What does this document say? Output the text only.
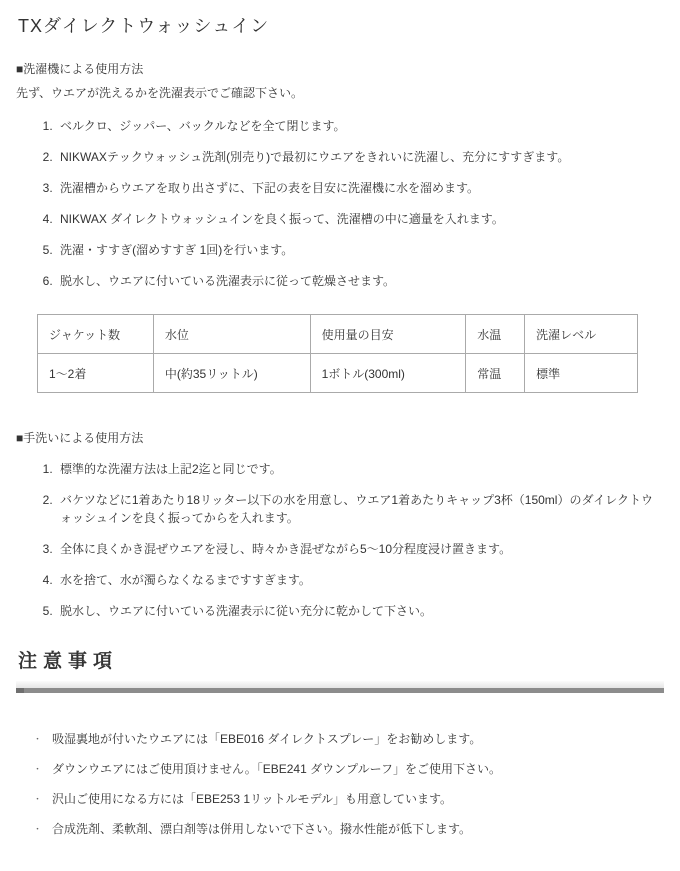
TXダイレクトウォッシュイン
■洗濯機による使用方法

先ず、ウエアが洗えるかを洗濯表示でご確認下さい。

1. ベルクロ、ジッパー、バックルなどを全て閉じます。
2. NIKWAXテックウォッシュ洗剤(別売り)で最初にウエアをきれいに洗濯し、充分にすすぎます。
3. 洗濯槽からウエアを取り出さずに、下記の表を目安に洗濯機に水を溜めます。
4. NIKWAX ダイレクトウォッシュインを良く振って、洗濯槽の中に適量を入れます。
5. 洗濯・すすぎ(溜めすすぎ 1回)を行います。
6. 脱水し、ウエアに付いている洗濯表示に従って乾燥させます。
ジャケット数	水位	使用量の目安	水温	洗濯レベル
1～2着	中(約35リットル)	1ボトル(300ml)	常温	標準
■手洗いによる使用方法
1. 標準的な洗濯方法は上記2迄と同じです。
2. バケツなどに1着あたり18リッター以下の水を用意し、ウエア1着あたりキャップ3杯（150ml）のダイレクトウォッシュインを良く振ってからを入れます。
3. 全体に良くかき混ぜウエアを浸し、時々かき混ぜながら5～10分程度浸け置きます。
4. 水を捨て、水が濁らなくなるまですすぎます。
5. 脱水し、ウエアに付いている洗濯表示に従い充分に乾かして下さい。
注意事項
・ 吸湿裏地が付いたウエアには「EBE016 ダイレクトスプレー」をお勧めします。
・ ダウンウエアにはご使用頂けません。「EBE241 ダウンプルーフ」をご使用下さい。
・ 沢山ご使用になる方には「EBE253 1リットルモデル」も用意しています。
・ 合成洗剤、柔軟剤、漂白剤等は併用しないで下さい。撥水性能が低下します。
